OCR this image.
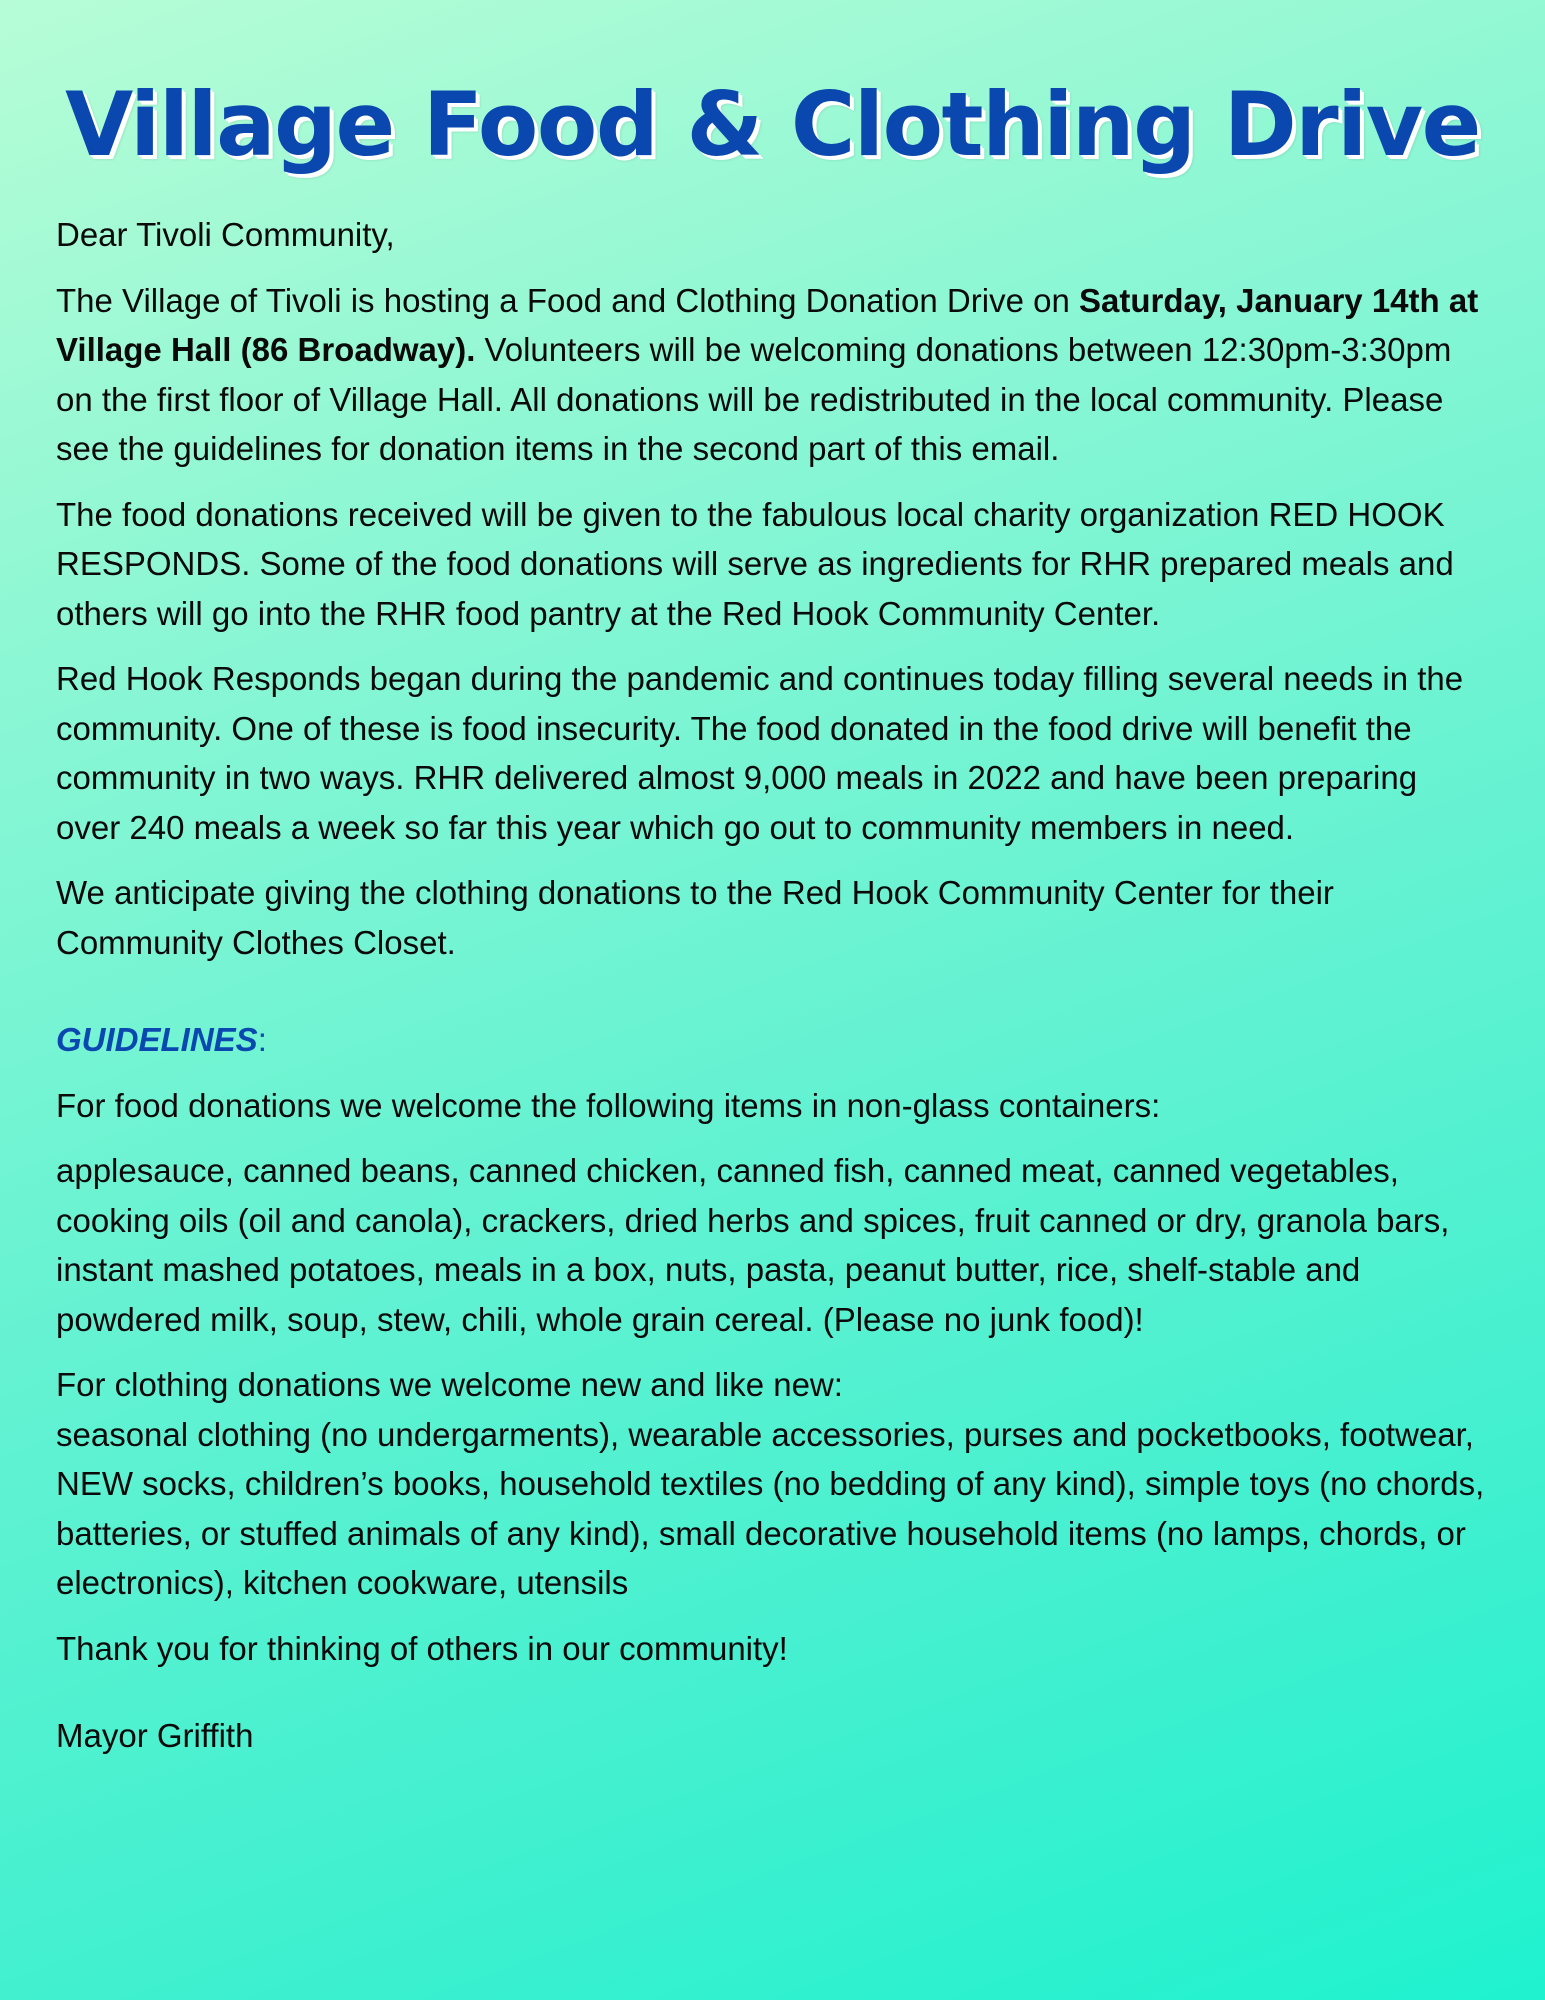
Village Food & Clothing Drive

Dear Tivoli Community,

The Village of Tivoli is hosting a Food and Clothing Donation Drive on Saturday, January 14th at Village Hall (86 Broadway). Volunteers will be welcoming donations between 12:30pm-3:30pm on the first floor of Village Hall. All donations will be redistributed in the local community. Please see the guidelines for donation items in the second part of this email.

The food donations received will be given to the fabulous local charity organization RED HOOK RESPONDS. Some of the food donations will serve as ingredients for RHR prepared meals and others will go into the RHR food pantry at the Red Hook Community Center.

Red Hook Responds began during the pandemic and continues today filling several needs in the community. One of these is food insecurity. The food donated in the food drive will benefit the community in two ways. RHR delivered almost 9,000 meals in 2022 and have been preparing over 240 meals a week so far this year which go out to community members in need.

We anticipate giving the clothing donations to the Red Hook Community Center for their Community Clothes Closet.

GUIDELINES:

For food donations we welcome the following items in non-glass containers:

applesauce, canned beans, canned chicken, canned fish, canned meat, canned vegetables, cooking oils (oil and canola), crackers, dried herbs and spices, fruit canned or dry, granola bars, instant mashed potatoes, meals in a box, nuts, pasta, peanut butter, rice, shelf-stable and powdered milk, soup, stew, chili, whole grain cereal. (Please no junk food)!

For clothing donations we welcome new and like new:
seasonal clothing (no undergarments), wearable accessories, purses and pocketbooks, footwear, NEW socks, children’s books, household textiles (no bedding of any kind), simple toys (no chords, batteries, or stuffed animals of any kind), small decorative household items (no lamps, chords, or electronics), kitchen cookware, utensils

Thank you for thinking of others in our community!

Mayor Griffith
